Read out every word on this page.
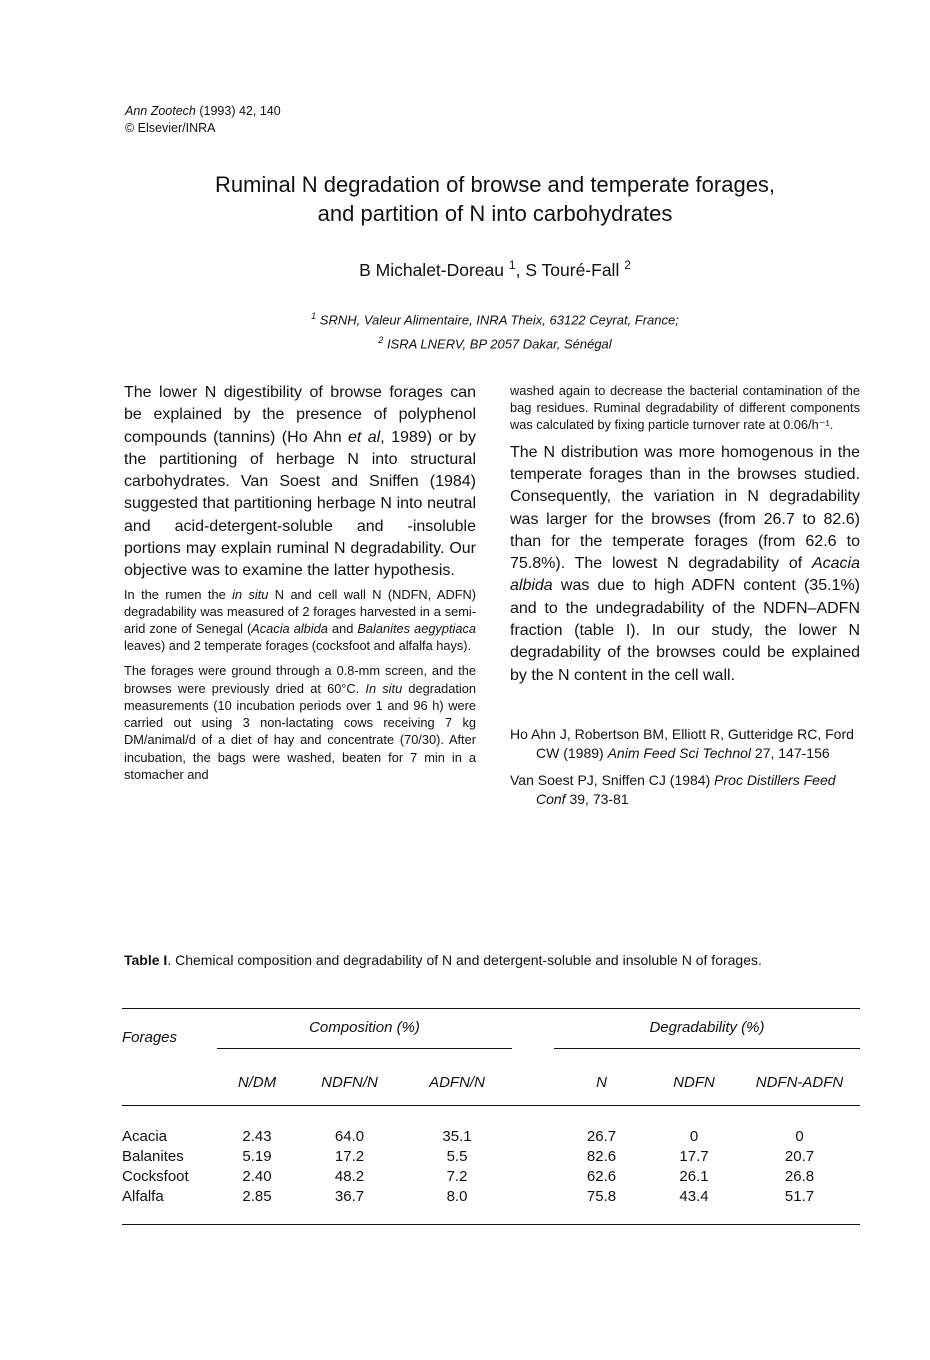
Ann Zootech (1993) 42, 140
© Elsevier/INRA
Ruminal N degradation of browse and temperate forages,
and partition of N into carbohydrates
B Michalet-Doreau $^1$, S Touré-Fall $^2$
$^1$ SRNH, Valeur Alimentaire, INRA Theix, 63122 Ceyrat, France;
$^2$ ISRA LNERV, BP 2057 Dakar, Sénégal

The lower N digestibility of browse forages can be explained by the presence of polyphenol compounds (tannins) (Ho Ahn et al, 1989) or by the partitioning of herbage N into structural carbohydrates. Van Soest and Sniffen (1984) suggested that partitioning herbage N into neutral and acid-detergent-soluble and -insoluble portions may explain ruminal N degradability. Our objective was to examine the latter hypothesis.

In the rumen the in situ N and cell wall N (NDFN, ADFN) degradability was measured of 2 forages harvested in a semi-arid zone of Senegal (Acacia albida and Balanites aegyptiaca leaves) and 2 temperate forages (cocksfoot and alfalfa hays).

The forages were ground through a 0.8-mm screen, and the browses were previously dried at 60°C. In situ degradation measurements (10 incubation periods over 1 and 96 h) were carried out using 3 non-lactating cows receiving 7 kg DM/animal/d of a diet of hay and concentrate (70/30). After incubation, the bags were washed, beaten for 7 min in a stomacher and

washed again to decrease the bacterial contamination of the bag residues. Ruminal degradability of different components was calculated by fixing particle turnover rate at 0.06/h⁻¹.

The N distribution was more homogenous in the temperate forages than in the browses studied. Consequently, the variation in N degradability was larger for the browses (from 26.7 to 82.6) than for the temperate forages (from 62.6 to 75.8%). The lowest N degradability of Acacia albida was due to high ADFN content (35.1%) and to the undegradability of the NDFN–ADFN fraction (table I). In our study, the lower N degradability of the browses could be explained by the N content in the cell wall.

Ho Ahn J, Robertson BM, Elliott R, Gutteridge RC, Ford CW (1989) Anim Feed Sci Technol 27, 147-156

Van Soest PJ, Sniffen CJ (1984) Proc Distillers Feed Conf 39, 73-81

Table I. Chemical composition and degradability of N and detergent-soluble and insoluble N of forages.
Forages	Composition (%)				Degradability (%)		

	N/DM	NDFN/N	ADFN/N		N	NDFN	NDFN-ADFN
Acacia	2.43	64.0	35.1		26.7	0	0
Balanites	5.19	17.2	5.5		82.6	17.7	20.7
Cocksfoot	2.40	48.2	7.2		62.6	26.1	26.8
Alfalfa	2.85	36.7	8.0		75.8	43.4	51.7
